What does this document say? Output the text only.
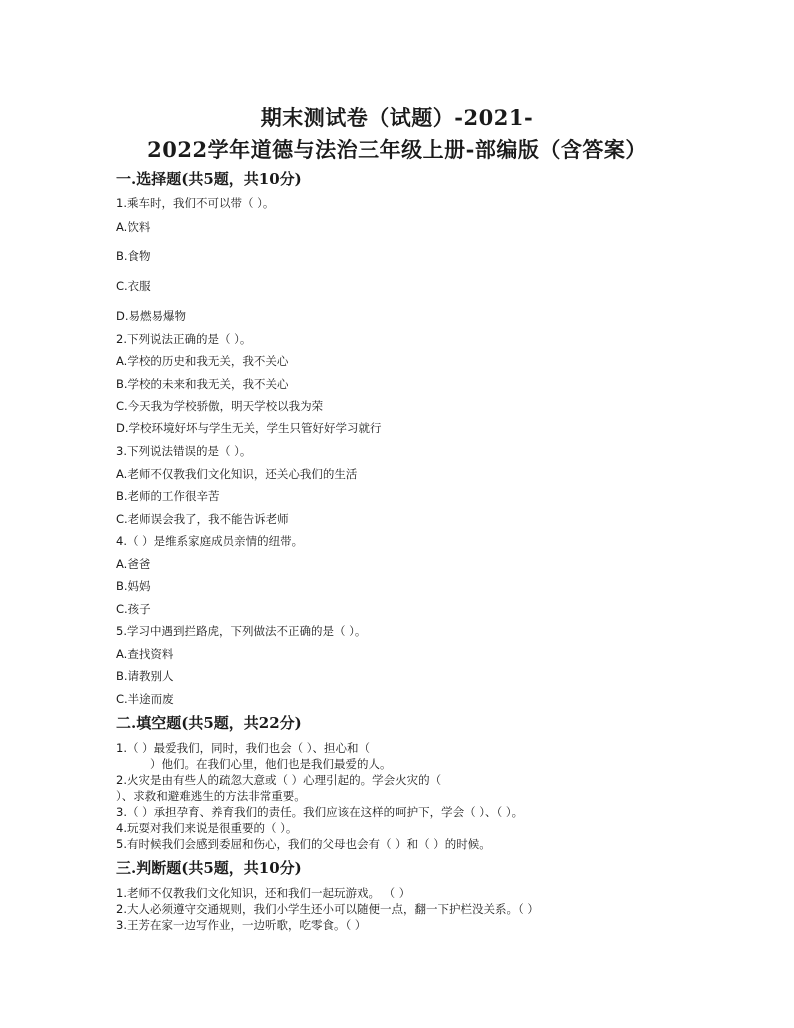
期末测试卷（试题）-2021-
2022学年道德与法治三年级上册-部编版（含答案）
一.选择题(共5题，共10分)
1.乘车时，我们不可以带（ ）。
A.饮料
B.食物
C.衣服
D.易燃易爆物
2.下列说法正确的是（ ）。
A.学校的历史和我无关，我不关心
B.学校的未来和我无关，我不关心
C.今天我为学校骄傲，明天学校以我为荣
D.学校环境好坏与学生无关，学生只管好好学习就行
3.下列说法错误的是（ ）。
A.老师不仅教我们文化知识，还关心我们的生活
B.老师的工作很辛苦
C.老师误会我了，我不能告诉老师
4.（ ）是维系家庭成员亲情的纽带。
A.爸爸
B.妈妈
C.孩子
5.学习中遇到拦路虎，下列做法不正确的是（ ）。
A.查找资料
B.请教别人
C.半途而废
二.填空题(共5题，共22分)
1.（ ）最爱我们，同时，我们也会（ ）、担心和（
）他们。在我们心里，他们也是我们最爱的人。
2.火灾是由有些人的疏忽大意或（ ）心理引起的。学会火灾的（
）、求救和避难逃生的方法非常重要。
3.（ ）承担孕育、养育我们的责任。我们应该在这样的呵护下，学会（ ）、（ ）。
4.玩耍对我们来说是很重要的（ ）。
5.有时候我们会感到委屈和伤心，我们的父母也会有（ ）和（ ）的时候。
三.判断题(共5题，共10分)
1.老师不仅教我们文化知识，还和我们一起玩游戏。 （ ）
2.大人必须遵守交通规则，我们小学生还小可以随便一点，翻一下护栏没关系。（ ）
3.王芳在家一边写作业，一边听歌，吃零食。（ ）
